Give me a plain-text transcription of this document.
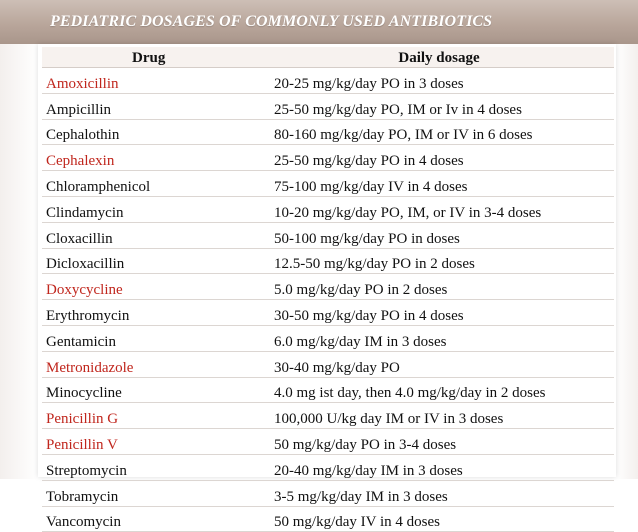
PEDIATRIC DOSAGES OF COMMONLY USED ANTIBIOTICS
Drug	Daily dosage
Amoxicillin	20-25 mg/kg/day PO in 3 doses
Ampicillin	25-50 mg/kg/day PO, IM or Iv in 4 doses
Cephalothin	80-160 mg/kg/day PO, IM or IV in 6 doses
Cephalexin	25-50 mg/kg/day PO in 4 doses
Chloramphenicol	75-100 mg/kg/day IV in 4 doses
Clindamycin	10-20 mg/kg/day PO, IM, or IV in 3-4 doses
Cloxacillin	50-100 mg/kg/day PO in doses
Dicloxacillin	12.5-50 mg/kg/day PO in 2 doses
Doxycycline	5.0 mg/kg/day PO in 2 doses
Erythromycin	30-50 mg/kg/day PO in 4 doses
Gentamicin	6.0 mg/kg/day IM in 3 doses
Metronidazole	30-40 mg/kg/day PO
Minocycline	4.0 mg ist day, then 4.0 mg/kg/day in 2 doses
Penicillin G	100,000 U/kg day IM or IV in 3 doses
Penicillin V	50 mg/kg/day PO in 3-4 doses
Streptomycin	20-40 mg/kg/day IM in 3 doses
Tobramycin	3-5 mg/kg/day IM in 3 doses
Vancomycin	50 mg/kg/day IV in 4 doses
